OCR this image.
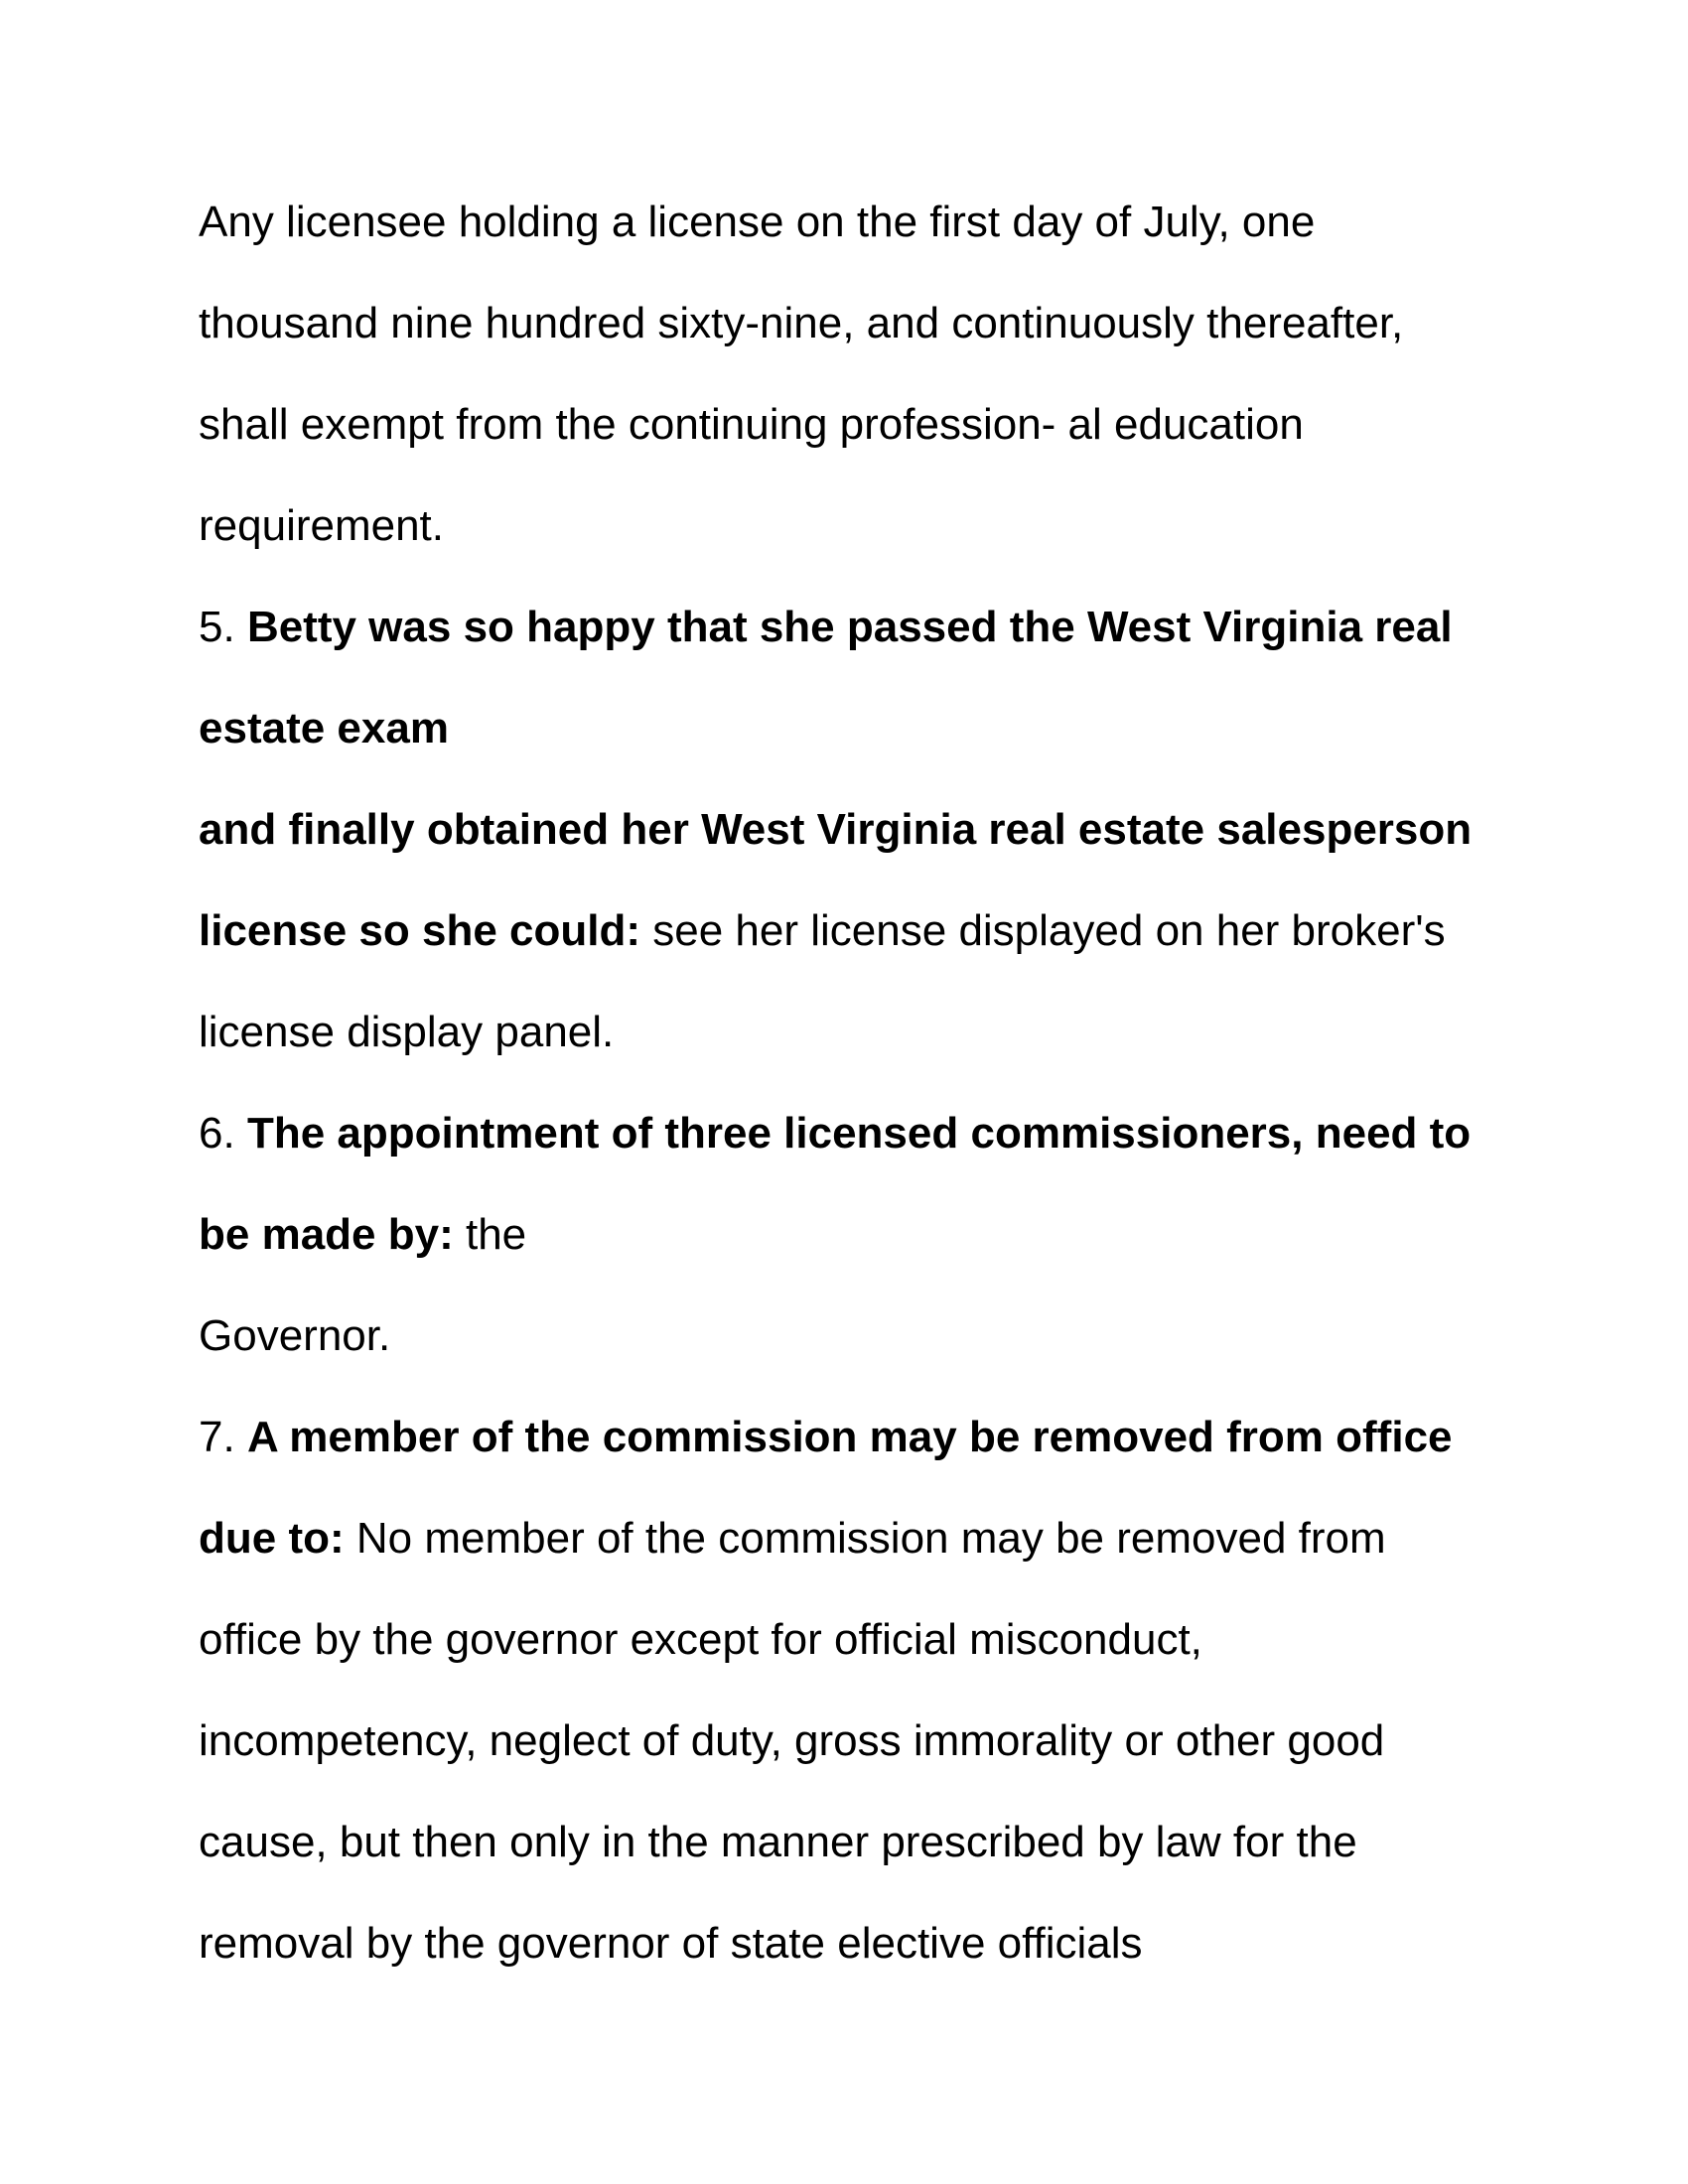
Any licensee holding a license on the first day of July, one
thousand nine hundred sixty-nine, and continuously thereafter,
shall exempt from the continuing profession- al education
requirement.
5. Betty was so happy that she passed the West Virginia real
estate exam
and finally obtained her West Virginia real estate salesperson
license so she could: see her license displayed on her broker's
license display panel.
6. The appointment of three licensed commissioners, need to
be made by: the
Governor.
7. A member of the commission may be removed from office
due to: No member of the commission may be removed from
office by the governor except for official misconduct,
incompetency, neglect of duty, gross immorality or other good
cause, but then only in the manner prescribed by law for the
removal by the governor of state elective officials
